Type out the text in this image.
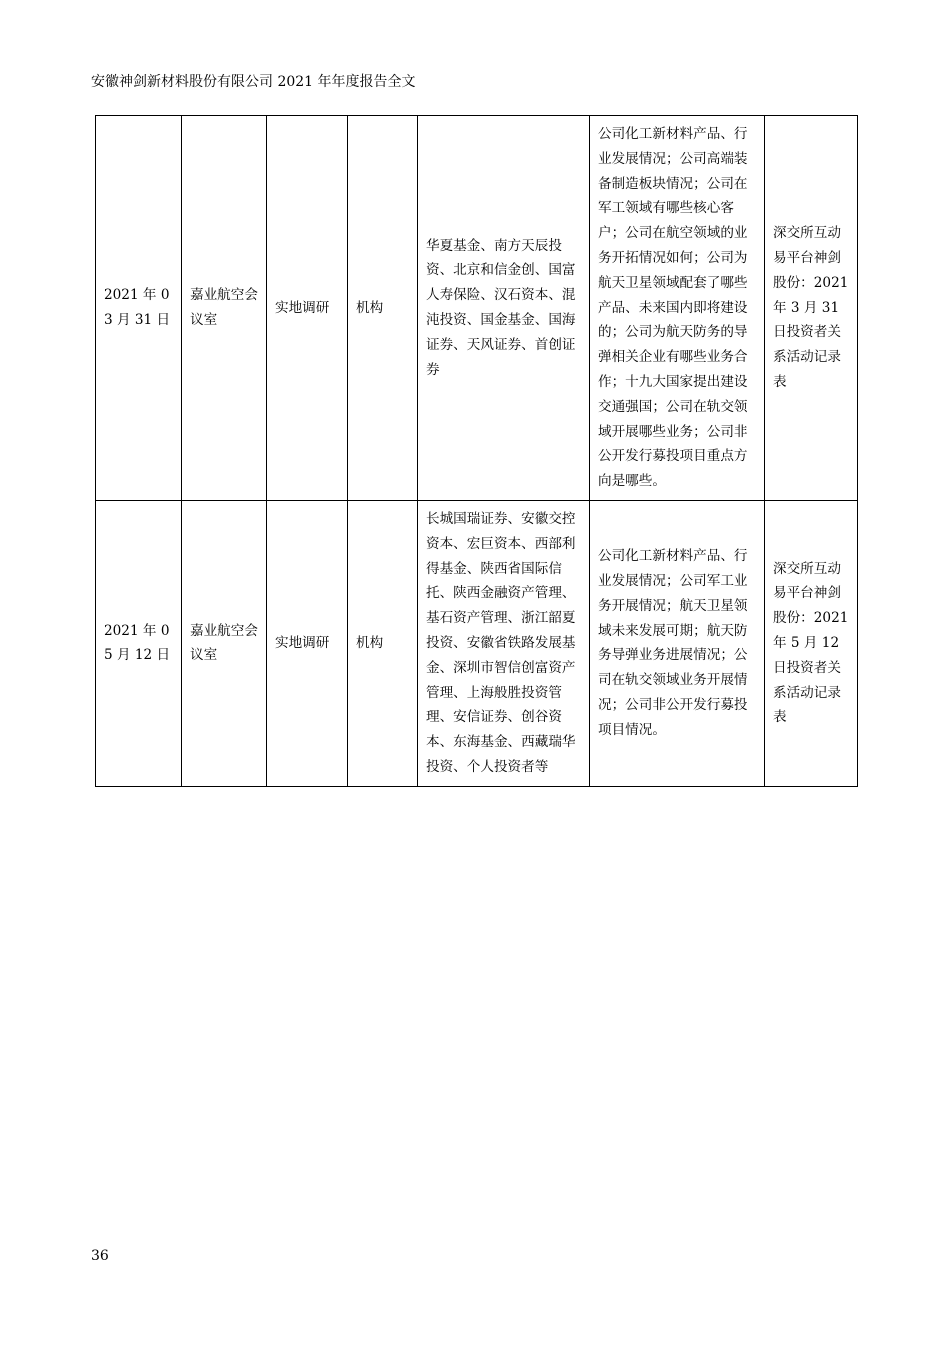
安徽神剑新材料股份有限公司 2021 年年度报告全文
2021 年 03 月 31 日	嘉业航空会议室	实地调研	机构	华夏基金、南方天辰投资、北京和信金创、国富人寿保险、汉石资本、混沌投资、国金基金、国海证券、天风证券、首创证券	公司化工新材料产品、行业发展情况；公司高端装备制造板块情况；公司在军工领域有哪些核心客户；公司在航空领域的业务开拓情况如何；公司为航天卫星领域配套了哪些产品、未来国内即将建设的；公司为航天防务的导弹相关企业有哪些业务合作；十九大国家提出建设交通强国；公司在轨交领域开展哪些业务；公司非公开发行募投项目重点方向是哪些。	深交所互动易平台神剑股份：2021 年 3 月 31 日投资者关系活动记录表
2021 年 05 月 12 日	嘉业航空会议室	实地调研	机构	长城国瑞证券、安徽交控资本、宏巨资本、西部利得基金、陕西省国际信托、陕西金融资产管理、基石资产管理、浙江韶夏投资、安徽省铁路发展基金、深圳市智信创富资产管理、上海般胜投资管理、安信证券、创谷资本、东海基金、西藏瑞华投资、个人投资者等	公司化工新材料产品、行业发展情况；公司军工业务开展情况；航天卫星领域未来发展可期；航天防务导弹业务进展情况；公司在轨交领域业务开展情况；公司非公开发行募投项目情况。	深交所互动易平台神剑股份：2021 年 5 月 12 日投资者关系活动记录表
36
